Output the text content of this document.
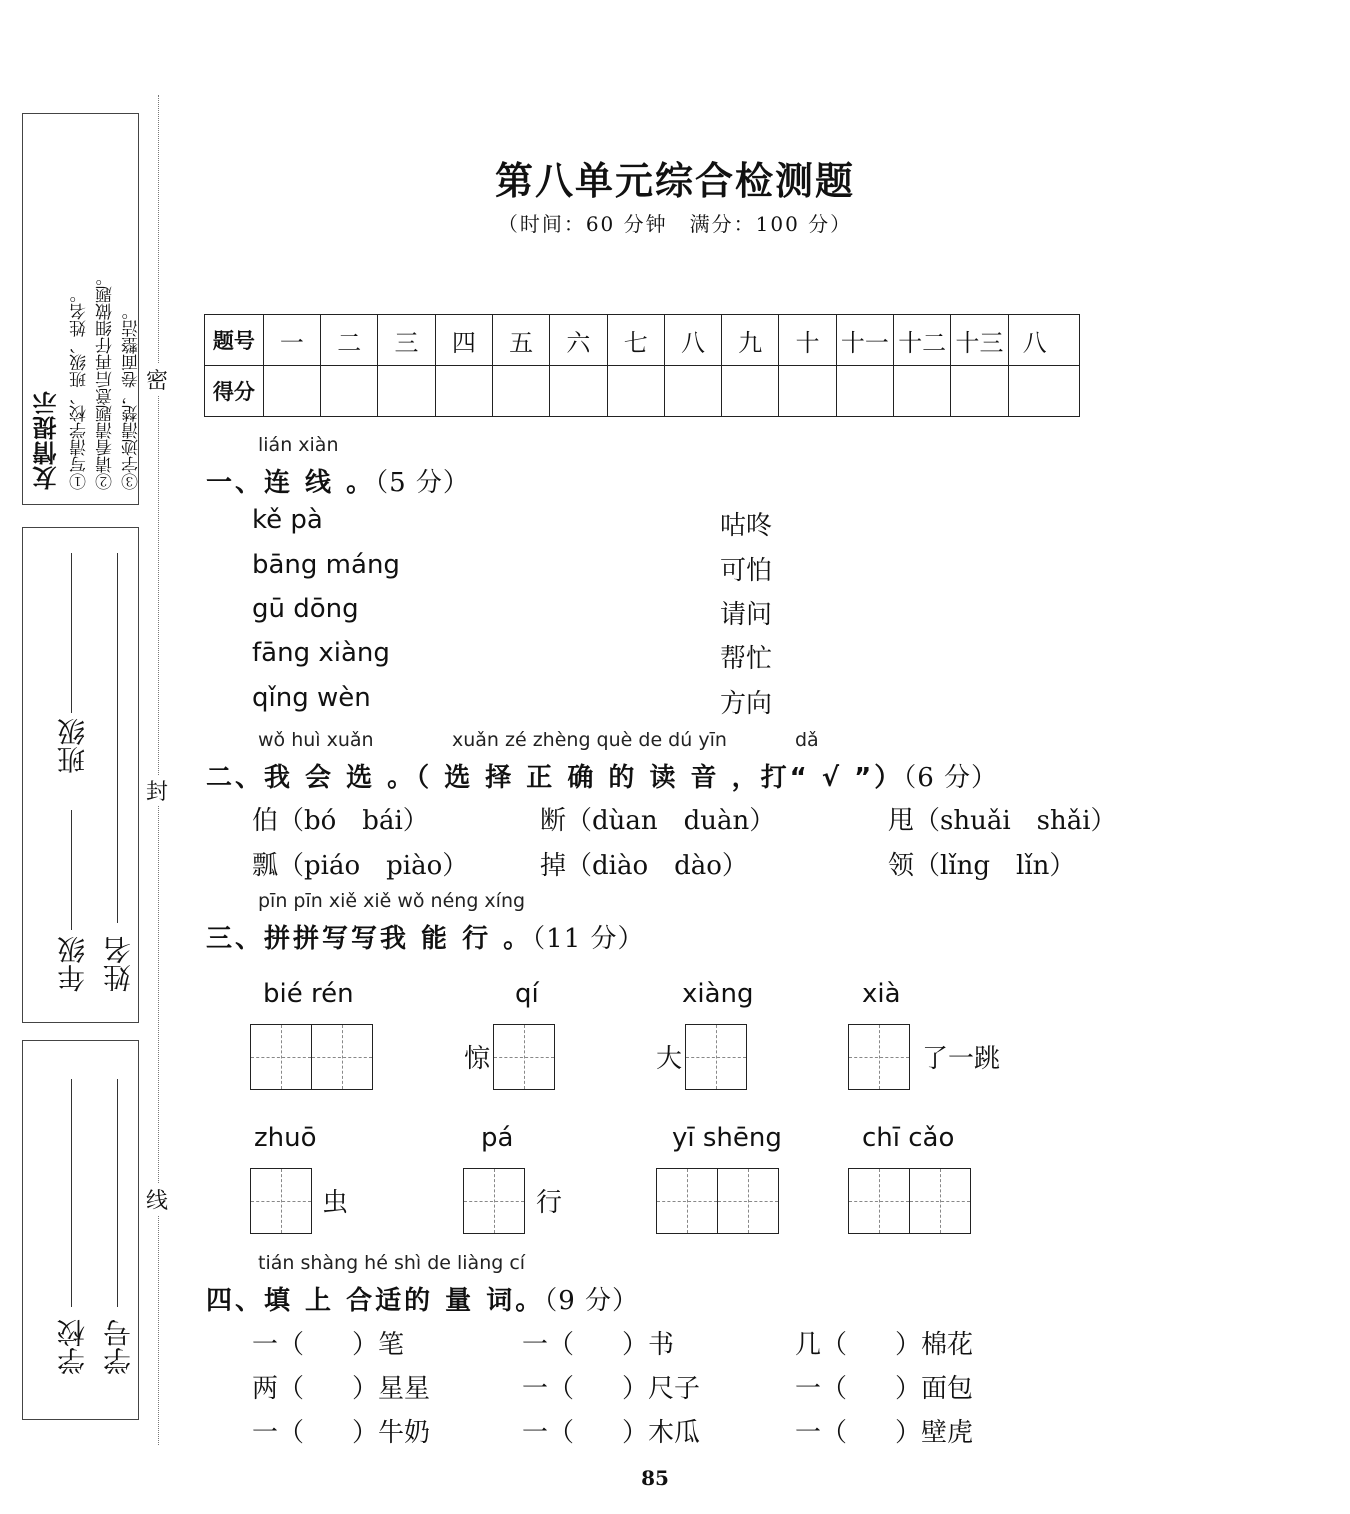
友情提示 ①写清学校、班级、姓名。 ②请看清题意后再仔细做题。 ③字迹清楚，卷面整洁。
班级
年级 姓名
学校 学号
密
封
线
第八单元综合检测题
（时间：60 分钟　满分：100 分）
题号	一	二	三	四	五	六	七	八	九	十	十一	十二	十三	八
得分														
lián xiàn
一、连 线 。（5 分）
kě pà
bāng máng
gū dōng
fāng xiàng
qǐng wèn
咕咚
可怕
请问
帮忙
方向
wǒ huì xuǎn	xuǎn zé zhèng què de dú yīn	dǎ
二、我 会 选 。（ 选 择 正 确 的 读 音 ，打“ √ ”）（6 分）
伯（bó　bái）	断（dùan　duàn）	甩（shuǎi　shǎi）
瓢（piáo　piào）	掉（diào　dào）	领（lǐng　lǐn）
pīn pīn xiě xiě wǒ néng xíng
三、拼拼写写我 能 行 。（11 分）
bié rén	qí	xiàng	xià
惊	大	了一跳
zhuō	pá	yī shēng	chī cǎo
虫	行
tián shàng hé shì de liàng cí
四、填 上 合适的 量 词。（9 分）
一（ ）笔	一（ ）书	几（ ）棉花
两（ ）星星	一（ ）尺子	一（ ）面包
一（ ）牛奶	一（ ）木瓜	一（ ）壁虎
85
